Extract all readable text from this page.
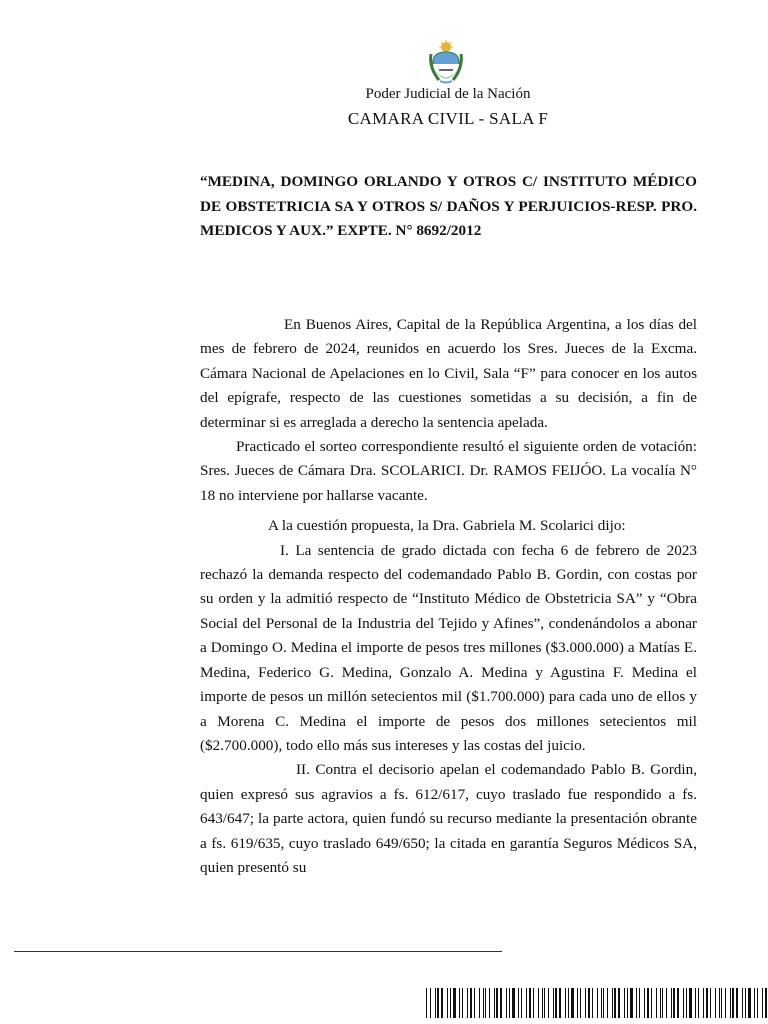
Poder Judicial de la Nación
CAMARA CIVIL - SALA F
“MEDINA, DOMINGO ORLANDO Y OTROS C/ INSTITUTO MÉDICO DE OBSTETRICIA SA Y OTROS S/ DAÑOS Y PERJUICIOS-RESP. PRO. MEDICOS Y AUX.” EXPTE. N° 8692/2012

En Buenos Aires, Capital de la República Argentina, a los días del mes de febrero de 2024, reunidos en acuerdo los Sres. Jueces de la Excma. Cámara Nacional de Apelaciones en lo Civil, Sala “F” para conocer en los autos del epígrafe, respecto de las cuestiones sometidas a su decisión, a fin de determinar si es arreglada a derecho la sentencia apelada.

Practicado el sorteo correspondiente resultó el siguiente orden de votación: Sres. Jueces de Cámara Dra. SCOLARICI. Dr. RAMOS FEIJÓO. La vocalía N° 18 no interviene por hallarse vacante.

A la cuestión propuesta, la Dra. Gabriela M. Scolarici dijo:

I. La sentencia de grado dictada con fecha 6 de febrero de 2023 rechazó la demanda respecto del codemandado Pablo B. Gordin, con costas por su orden y la admitió respecto de “Instituto Médico de Obstetricia SA” y “Obra Social del Personal de la Industria del Tejido y Afines”, condenándolos a abonar a Domingo O. Medina el importe de pesos tres millones ($3.000.000) a Matías E. Medina, Federico G. Medina, Gonzalo A. Medina y Agustina F. Medina el importe de pesos un millón setecientos mil ($1.700.000) para cada uno de ellos y a Morena C. Medina el importe de pesos dos millones setecientos mil ($2.700.000), todo ello más sus intereses y las costas del juicio.

II. Contra el decisorio apelan el codemandado Pablo B. Gordin, quien expresó sus agravios a fs. 612/617, cuyo traslado fue respondido a fs. 643/647; la parte actora, quien fundó su recurso mediante la presentación obrante a fs. 619/635, cuyo traslado 649/650; la citada en garantía Seguros Médicos SA, quien presentó su
